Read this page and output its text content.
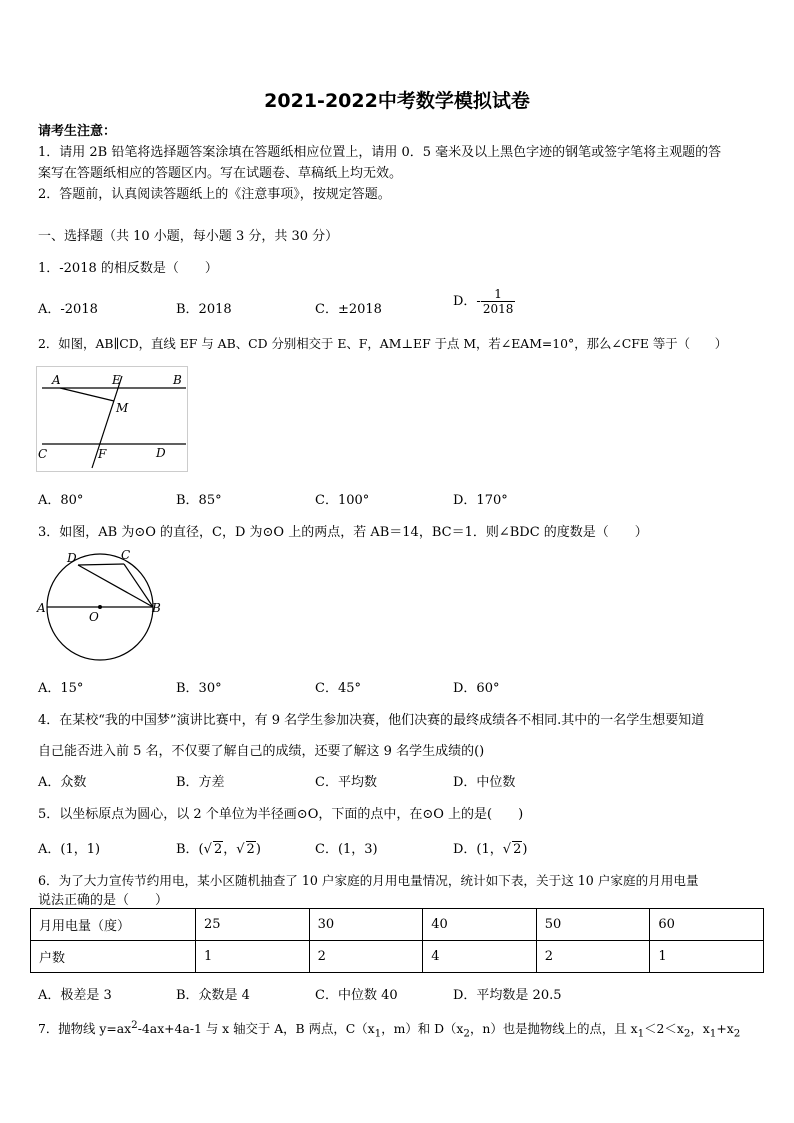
2021-2022中考数学模拟试卷
请考生注意：
1．请用 2B 铅笔将选择题答案涂填在答题纸相应位置上，请用 0．5 毫米及以上黑色字迹的钢笔或签字笔将主观题的答
案写在答题纸相应的答题区内。写在试题卷、草稿纸上均无效。
2．答题前，认真阅读答题纸上的《注意事项》，按规定答题。
一、选择题（共 10 小题，每小题 3 分，共 30 分）
1．-2018 的相反数是（　　）
A．-2018	B．2018	C．±2018
D．- $\frac{1}{2018}$
2．如图，AB∥CD，直线 EF 与 AB、CD 分别相交于 E、F，AM⊥EF 于点 M，若∠EAM=10°，那么∠CFE 等于（　　）
A	E	B
M
C	F	D
A．80°	B．85°	C．100°	D．170°
3．如图，AB 为⊙O 的直径，C，D 为⊙O 上的两点，若 AB＝14，BC＝1．则∠BDC 的度数是（　　）
A	B
C
D
O
A．15°	B．30°	C．45°	D．60°
4．在某校“我的中国梦”演讲比赛中，有 9 名学生参加决赛，他们决赛的最终成绩各不相同.其中的一名学生想要知道
自己能否进入前 5 名，不仅要了解自己的成绩，还要了解这 9 名学生成绩的()
A．众数	B．方差	C．平均数	D．中位数
5．以坐标原点为圆心，以 2 个单位为半径画⊙O，下面的点中，在⊙O 上的是(　　)
A．(1，1)	B．(√ 2，√ 2)	C．(1，3)	D．(1，√ 2)
6．为了大力宣传节约用电，某小区随机抽查了 10 户家庭的月用电量情况，统计如下表，关于这 10 户家庭的月用电量
说法正确的是（　　）
月用电量（度）	25	30	40	50	60
户数	1	2	4	2	1
A．极差是 3	B．众数是 4	C．中位数 40	D．平均数是 20.5
7．抛物线 $y=ax^2-4ax+4a-1$ 与 x 轴交于 A，B 两点，$C(x_1$，m）和 $D(x_2$，n）也是抛物线上的点，且 $x_1<2<x_2$，$x_1+x_2$
